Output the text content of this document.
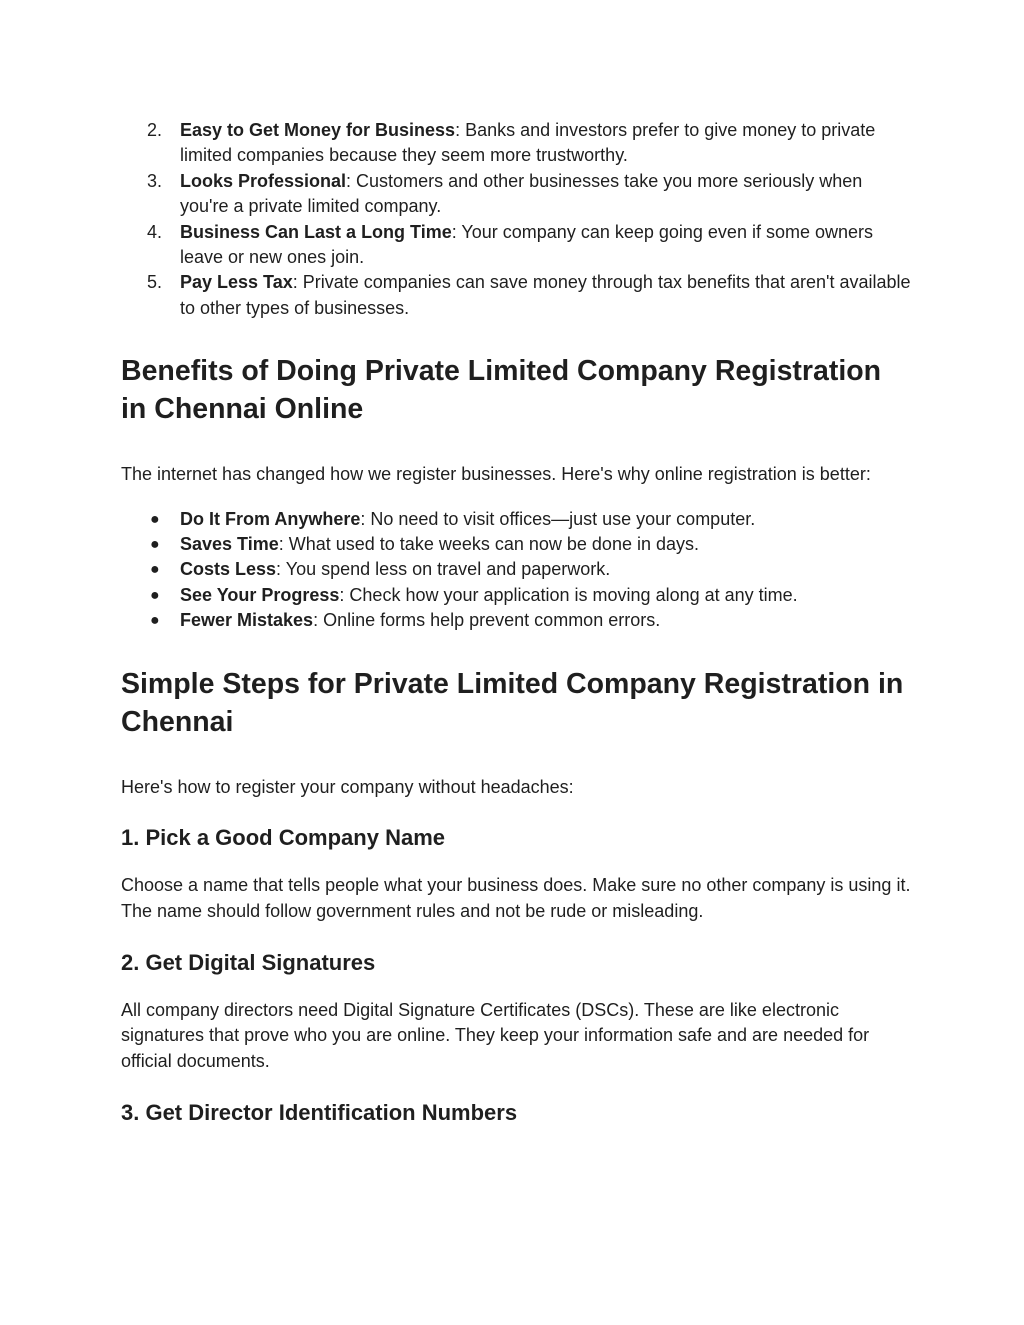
2. Easy to Get Money for Business: Banks and investors prefer to give money to private limited companies because they seem more trustworthy.
3. Looks Professional: Customers and other businesses take you more seriously when you're a private limited company.
4. Business Can Last a Long Time: Your company can keep going even if some owners leave or new ones join.
5. Pay Less Tax: Private companies can save money through tax benefits that aren't available to other types of businesses.
Benefits of Doing Private Limited Company Registration in Chennai Online

The internet has changed how we register businesses. Here's why online registration is better:

● Do It From Anywhere: No need to visit offices—just use your computer.
● Saves Time: What used to take weeks can now be done in days.
● Costs Less: You spend less on travel and paperwork.
● See Your Progress: Check how your application is moving along at any time.
● Fewer Mistakes: Online forms help prevent common errors.
Simple Steps for Private Limited Company Registration in Chennai

Here's how to register your company without headaches:

1. Pick a Good Company Name

Choose a name that tells people what your business does. Make sure no other company is using it. The name should follow government rules and not be rude or misleading.

2. Get Digital Signatures

All company directors need Digital Signature Certificates (DSCs). These are like electronic signatures that prove who you are online. They keep your information safe and are needed for official documents.

3. Get Director Identification Numbers
